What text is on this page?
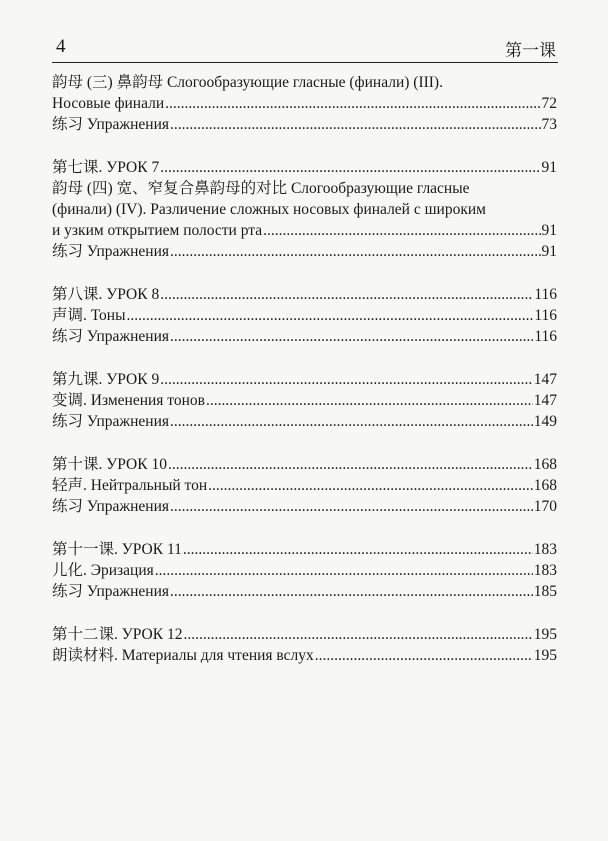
4	第一课
韵母 (三) 鼻韵母 Слогообразующие гласные (финали) (III).
Носовые финали .....	72
练习 Упражнения .....	73
第七课. УРОК 7 .....	91
韵母 (四) 宽、窄复合鼻韵母的对比 Слогообразующие гласные
(финали) (IV). Различение сложных носовых финалей с широким
и узким открытием полости рта .....	91
练习 Упражнения .....	91
第八课. УРОК 8 .....	116
声调. Тоны .....	116
练习 Упражнения .....	116
第九课. УРОК 9 .....	147
变调. Изменения тонов .....	147
练习 Упражнения .....	149
第十课. УРОК 10 .....	168
轻声. Нейтральный тон .....	168
练习 Упражнения .....	170
第十一课. УРОК 11 .....	183
儿化. Эризация .....	183
练习 Упражнения .....	185
第十二课. УРОК 12 .....	195
朗读材料. Материалы для чтения вслух .....	195
